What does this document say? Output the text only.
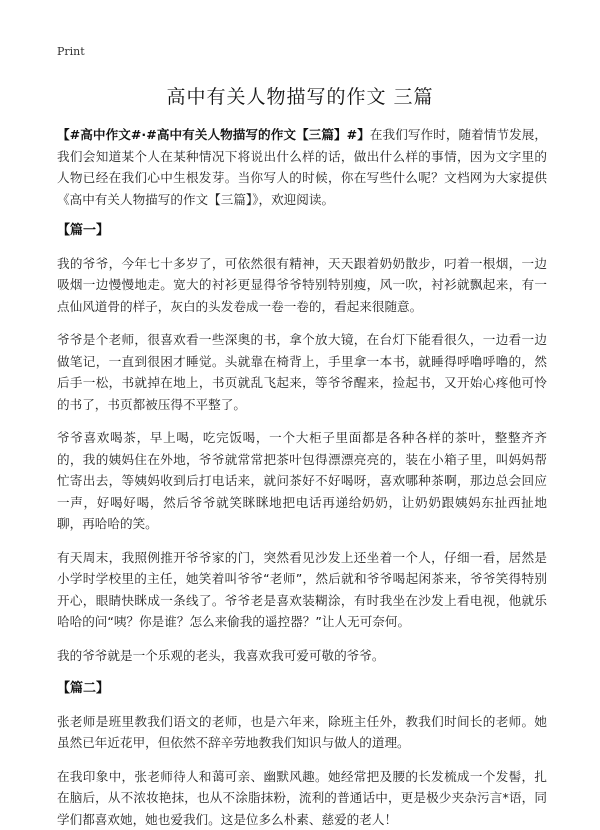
Print
高中有关人物描写的作文 三篇

【#高中作文#·#高中有关人物描写的作文【三篇】#】在我们写作时，随着情节发展，我们会知道某个人在某种情况下将说出什么样的话，做出什么样的事情，因为文字里的人物已经在我们心中生根发芽。当你写人的时候，你在写些什么呢？文档网为大家提供《高中有关人物描写的作文【三篇】》，欢迎阅读。

【篇一】

我的爷爷，今年七十多岁了，可依然很有精神，天天跟着奶奶散步，叼着一根烟，一边吸烟一边慢慢地走。宽大的衬衫更显得爷爷特别特别瘦，风一吹，衬衫就飘起来，有一点仙风道骨的样子，灰白的头发卷成一卷一卷的，看起来很随意。

爷爷是个老师，很喜欢看一些深奥的书，拿个放大镜，在台灯下能看很久，一边看一边做笔记，一直到很困才睡觉。头就靠在椅背上，手里拿一本书，就睡得呼噜呼噜的，然后手一松，书就掉在地上，书页就乱飞起来，等爷爷醒来，捡起书，又开始心疼他可怜的书了，书页都被压得不平整了。

爷爷喜欢喝茶，早上喝，吃完饭喝，一个大柜子里面都是各种各样的茶叶，整整齐齐的，我的姨妈住在外地，爷爷就常常把茶叶包得漂漂亮亮的，装在小箱子里，叫妈妈帮忙寄出去，等姨妈收到后打电话来，就问茶好不好喝呀，喜欢哪种茶啊，那边总会回应一声，好喝好喝，然后爷爷就笑眯眯地把电话再递给奶奶，让奶奶跟姨妈东扯西扯地聊，再哈哈的笑。

有天周末，我照例推开爷爷家的门，突然看见沙发上还坐着一个人，仔细一看，居然是小学时学校里的主任，她笑着叫爷爷“老师”，然后就和爷爷喝起闲茶来，爷爷笑得特别开心，眼睛快眯成一条线了。爷爷老是喜欢装糊涂，有时我坐在沙发上看电视，他就乐哈哈的问“咦？你是谁？怎么来偷我的遥控器？”让人无可奈何。

我的爷爷就是一个乐观的老头，我喜欢我可爱可敬的爷爷。

【篇二】

张老师是班里教我们语文的老师，也是六年来，除班主任外，教我们时间长的老师。她虽然已年近花甲，但依然不辞辛劳地教我们知识与做人的道理。

在我印象中，张老师待人和蔼可亲、幽默风趣。她经常把及腰的长发梳成一个发髻，扎在脑后，从不浓妆艳抹，也从不涂脂抹粉，流利的普通话中，更是极少夹杂污言*语，同学们都喜欢她，她也爱我们。这是位多么朴素、慈爱的老人！
